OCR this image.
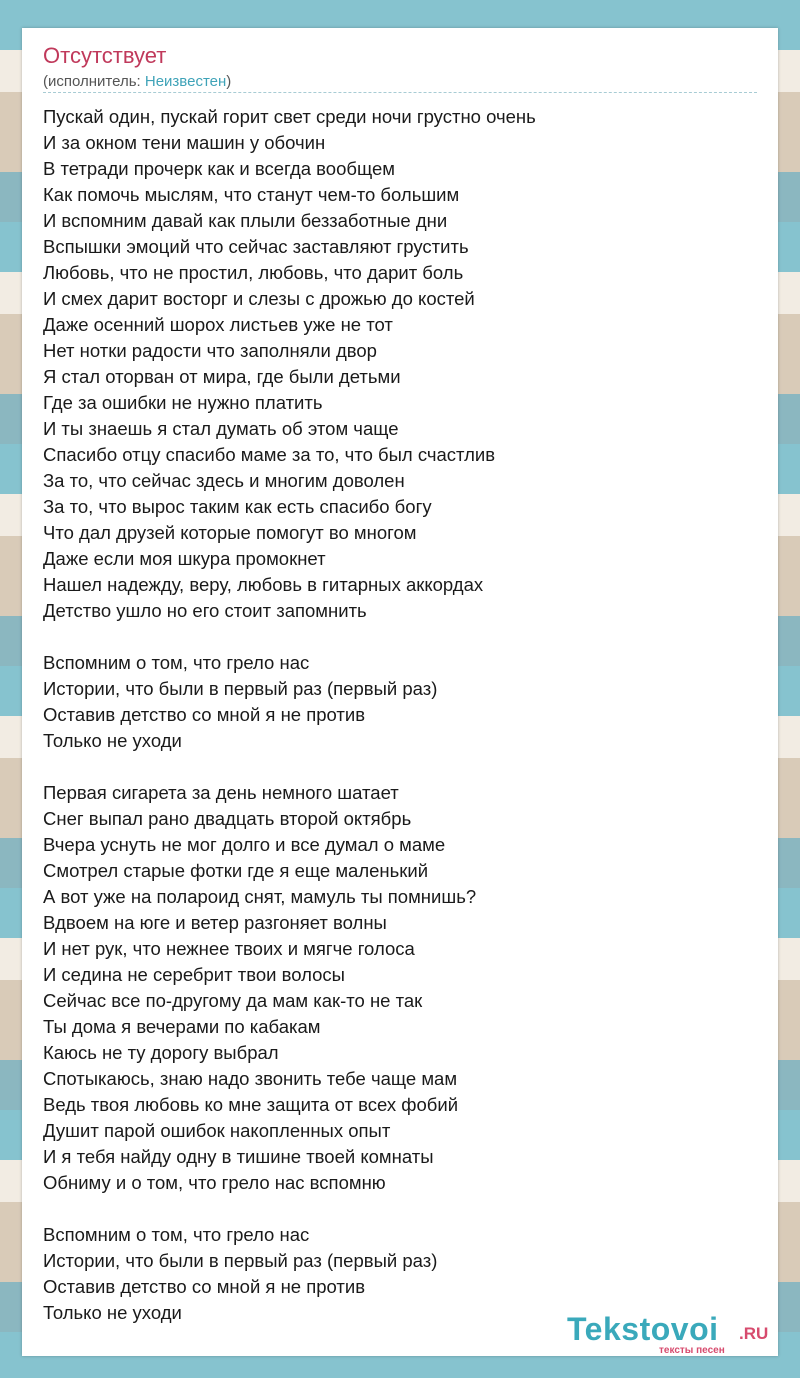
Отсутствует
(исполнитель: Неизвестен)
Пускай один, пускай горит свет среди ночи грустно очень
И за окном тени машин у обочин
В тетради прочерк как и всегда вообщем
Как помочь мыслям, что станут чем-то большим
И вспомним давай как плыли беззаботные дни
Вспышки эмоций что сейчас заставляют грустить
Любовь, что не простил, любовь, что дарит боль
И смех дарит восторг и слезы с дрожью до костей
Даже осенний шорох листьев уже не тот
Нет нотки радости что заполняли двор
Я стал оторван от мира, где были детьми
Где за ошибки не нужно платить
И ты знаешь я стал думать об этом чаще
Спасибо отцу спасибо маме за то, что был счастлив
За то, что сейчас здесь и многим доволен
За то, что вырос таким как есть спасибо богу
Что дал друзей которые помогут во многом
Даже если моя шкура промокнет
Нашел надежду, веру, любовь в гитарных аккордах
Детство ушло но его стоит запомнить
Вспомним о том, что грело нас
Истории, что были в первый раз (первый раз)
Оставив детство со мной я не против
Только не уходи
Первая сигарета за день немного шатает
Снег выпал рано двадцать второй октябрь
Вчера уснуть не мог долго и все думал о маме
Смотрел старые фотки где я еще маленький
А вот уже на полароид снят, мамуль ты помнишь?
Вдвоем на юге и ветер разгоняет волны
И нет рук, что нежнее твоих и мягче голоса
И седина не серебрит твои волосы
Сейчас все по-другому да мам как-то не так
Ты дома я вечерами по кабакам
Каюсь не ту дорогу выбрал
Спотыкаюсь, знаю надо звонить тебе чаще мам
Ведь твоя любовь ко мне защита от всех фобий
Душит парой ошибок накопленных опыт
И я тебя найду одну в тишине твоей комнаты
Обниму и о том, что грело нас вспомню
Вспомним о том, что грело нас
Истории, что были в первый раз (первый раз)
Оставив детство со мной я не против
Только не уходи	Tekstovoi .RU
тексты песен
